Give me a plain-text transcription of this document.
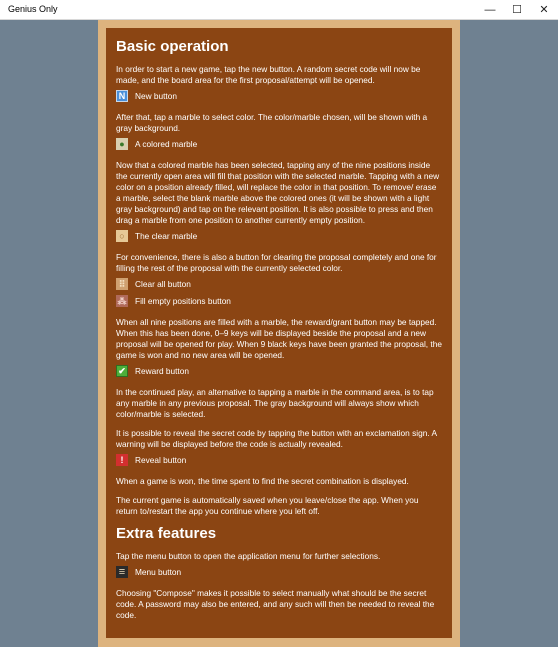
Genius Only	—	☐	✕
Basic operation

In order to start a new game, tap the new button. A random secret code will now be made, and the board area for the first proposal/attempt will be opened.

N	New button

After that, tap a marble to select color. The color/marble chosen, will be shown with a gray background.

●	A colored marble

Now that a colored marble has been selected, tapping any of the nine positions inside the currently open area will fill that position with the selected marble. Tapping with a new color on a position already filled, will replace the color in that position. To remove/ erase a marble, select the blank marble above the colored ones (it will be shown with a light gray background) and tap on the relevant position. It is also possible to press and then drag a marble from one position to another currently empty position.

○	The clear marble

For convenience, there is also a button for clearing the proposal completely and one for filling the rest of the proposal with the currently selected color.

⠿	Clear all button
⁂ Fill empty positions button

When all nine positions are filled with a marble, the reward/grant button may be tapped. When this has been done, 0–9 keys will be displayed beside the proposal and a new proposal will be opened for play. When 9 black keys have been granted the proposal, the game is won and no new area will be opened.

✔ Reward button

In the continued play, an alternative to tapping a marble in the command area, is to tap any marble in any previous proposal. The gray background will always show which color/marble is selected.

It is possible to reveal the secret code by tapping the button with an exclamation sign. A warning will be displayed before the code is actually revealed.

!	Reveal button

When a game is won, the time spent to find the secret combination is displayed.

The current game is automatically saved when you leave/close the app. When you return to/restart the app you continue where you left off.

Extra features

Tap the menu button to open the application menu for further selections.

≡	Menu button

Choosing "Compose" makes it possible to select manually what should be the secret code. A password may also be entered, and any such will then be needed to reveal the code.
